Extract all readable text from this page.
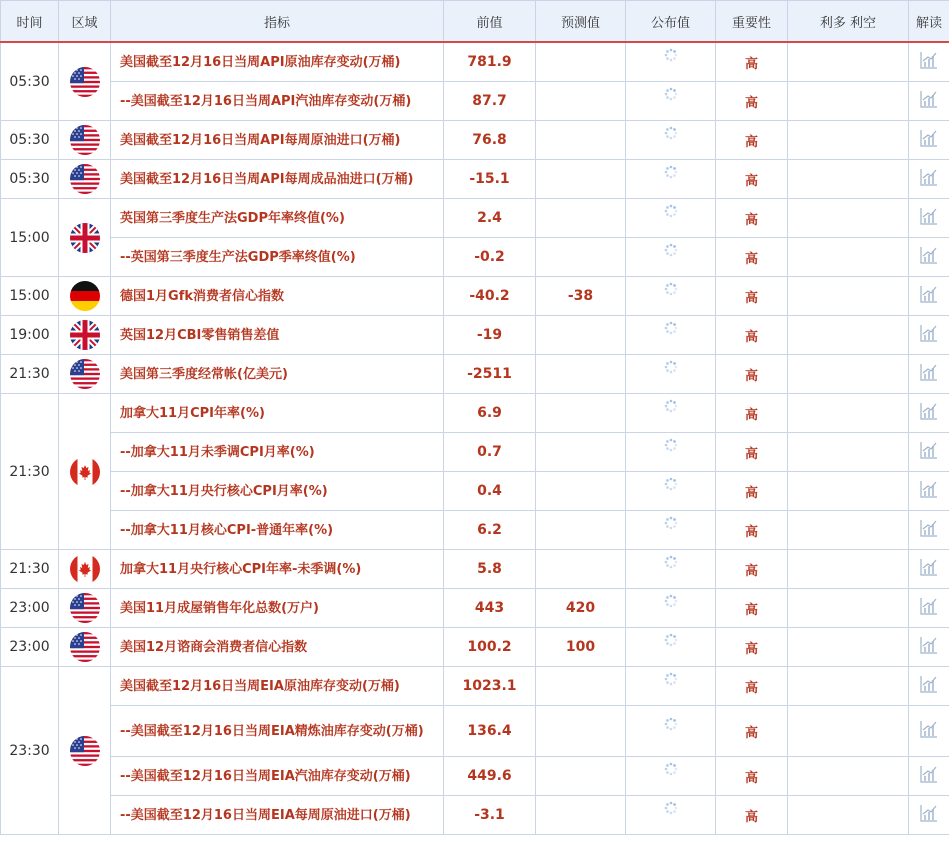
时间	区域	指标	前值	预测值	公布值	重要性	利多 利空	解读
05:30		美国截至12月16日当周API原油库存变动(万桶)	781.9			高		
		--美国截至12月16日当周API汽油库存变动(万桶)	87.7			高		
05:30		美国截至12月16日当周API每周原油进口(万桶)	76.8			高		
05:30		美国截至12月16日当周API每周成品油进口(万桶)	-15.1			高		
15:00		英国第三季度生产法GDP年率终值(%)	2.4			高		
		--英国第三季度生产法GDP季率终值(%)	-0.2			高		
15:00		德国1月Gfk消费者信心指数	-40.2	-38		高		
19:00		英国12月CBI零售销售差值	-19			高		
21:30		美国第三季度经常帐(亿美元)	-2511			高		
21:30		加拿大11月CPI年率(%)	6.9			高		
		--加拿大11月未季调CPI月率(%)	0.7			高		
		--加拿大11月央行核心CPI月率(%)	0.4			高		
		--加拿大11月核心CPI-普通年率(%)	6.2			高		
21:30		加拿大11月央行核心CPI年率-未季调(%)	5.8			高		
23:00		美国11月成屋销售年化总数(万户)	443	420		高		
23:00		美国12月谘商会消费者信心指数	100.2	100		高		
23:30		美国截至12月16日当周EIA原油库存变动(万桶)	1023.1			高		
		--美国截至12月16日当周EIA精炼油库存变动(万桶)	136.4			高		
		--美国截至12月16日当周EIA汽油库存变动(万桶)	449.6			高		
		--美国截至12月16日当周EIA每周原油进口(万桶)	-3.1			高		
